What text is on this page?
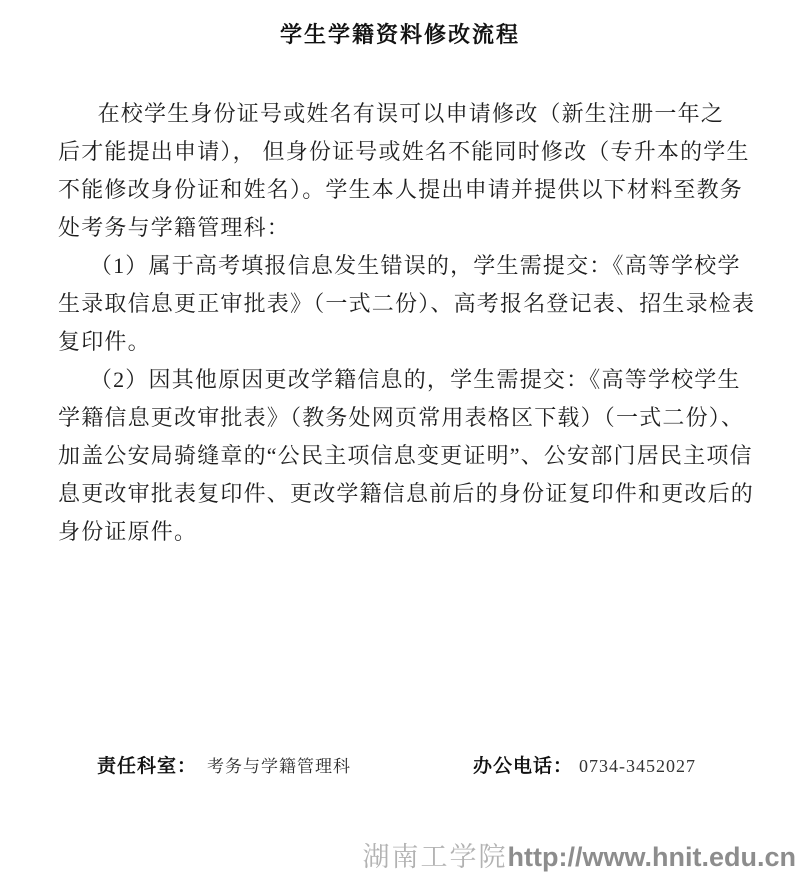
学生学籍资料修改流程
在校学生身份证号或姓名有误可以申请修改（新生注册一年之
后才能提出申请）， 但身份证号或姓名不能同时修改（专升本的学生
不能修改身份证和姓名）。学生本人提出申请并提供以下材料至教务
处考务与学籍管理科：
（1）属于高考填报信息发生错误的，学生需提交：《高等学校学
生录取信息更正审批表》（一式二份）、高考报名登记表、招生录检表
复印件。
（2）因其他原因更改学籍信息的，学生需提交：《高等学校学生
学籍信息更改审批表》（教务处网页常用表格区下载）（一式二份）、
加盖公安局骑缝章的“公民主项信息变更证明”、公安部门居民主项信
息更改审批表复印件、更改学籍信息前后的身份证复印件和更改后的
身份证原件。
责任科室： 考务与学籍管理科	办公电话： 0734-3452027
湖南工学院http://www.hnit.edu.cn
